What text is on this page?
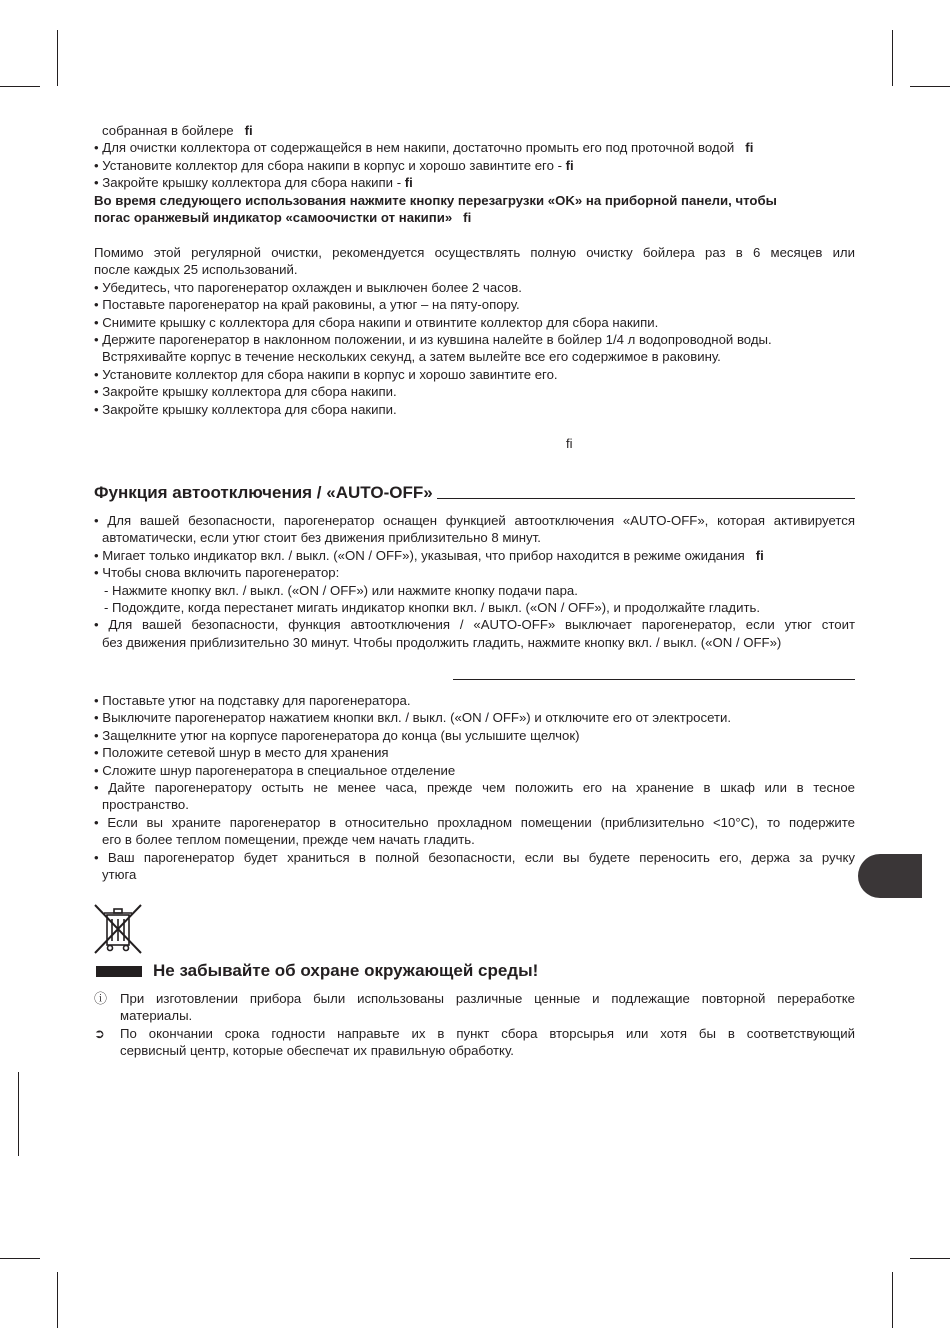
собранная в бойлере fi
• Для очистки коллектора от содержащейся в нем накипи, достаточно промыть его под проточной водой fi
• Установите коллектор для сбора накипи в корпус и хорошо завинтите его - fi
• Закройте крышку коллектора для сбора накипи - fi
Во время следующего использования нажмите кнопку перезагрузки «OK» на приборной панели, чтобы
погас оранжевый индикатор «самоочистки от накипи» fi
Помимо этой регулярной очистки, рекомендуется осуществлять полную очистку бойлера раз в 6 месяцев или
после каждых 25 использований.
• Убедитесь, что парогенератор охлажден и выключен более 2 часов.
• Поставьте парогенератор на край раковины, а утюг – на пяту-опору.
• Снимите крышку с коллектора для сбора накипи и отвинтите коллектор для сбора накипи.
• Держите парогенератор в наклонном положении, и из кувшина налейте в бойлер 1/4 л водопроводной воды.
Встряхивайте корпус в течение нескольких секунд, а затем вылейте все его содержимое в раковину.
• Установите коллектор для сбора накипи в корпус и хорошо завинтите его.
• Закройте крышку коллектора для сбора накипи.
• Закройте крышку коллектора для сбора накипи.
fi
Функция автоотключения / «AUTO-OFF»
• Для вашей безопасности, парогенератор оснащен функцией автоотключения «AUTO-OFF», которая активируется
автоматически, если утюг стоит без движения приблизительно 8 минут.
• Мигает только индикатор вкл. / выкл. («ON / OFF»), указывая, что прибор находится в режиме ожидания fi
• Чтобы снова включить парогенератор:
- Нажмите кнопку вкл. / выкл. («ON / OFF») или нажмите кнопку подачи пара.
- Подождите, когда перестанет мигать индикатор кнопки вкл. / выкл. («ON / OFF»), и продолжайте гладить.
• Для вашей безопасности, функция автоотключения / «AUTO-OFF» выключает парогенератор, если утюг стоит
без движения приблизительно 30 минут. Чтобы продолжить гладить, нажмите кнопку вкл. / выкл. («ON / OFF»)
• Поставьте утюг на подставку для парогенератора.
• Выключите парогенератор нажатием кнопки вкл. / выкл. («ON / OFF») и отключите его от электросети.
• Защелкните утюг на корпусе парогенератора до конца (вы услышите щелчок)
• Положите сетевой шнур в место для хранения
• Сложите шнур парогенератора в специальное отделение
• Дайте парогенератору остыть не менее часа, прежде чем положить его на хранение в шкаф или в тесное
пространство.
• Если вы храните парогенератор в относительно прохладном помещении (приблизительно <10°C), то подержите
его в более теплом помещении, прежде чем начать гладить.
• Ваш парогенератор будет храниться в полной безопасности, если вы будете переносить его, держа за ручку
утюга
Не забывайте об охране окружающей среды!
ⓘ При изготовлении прибора были использованы различные ценные и подлежащие повторной переработке
материалы.
➲	По окончании срока годности направьте их в пункт сбора вторсырья или хотя бы в соответствующий
сервисный центр, которые обеспечат их правильную обработку.
